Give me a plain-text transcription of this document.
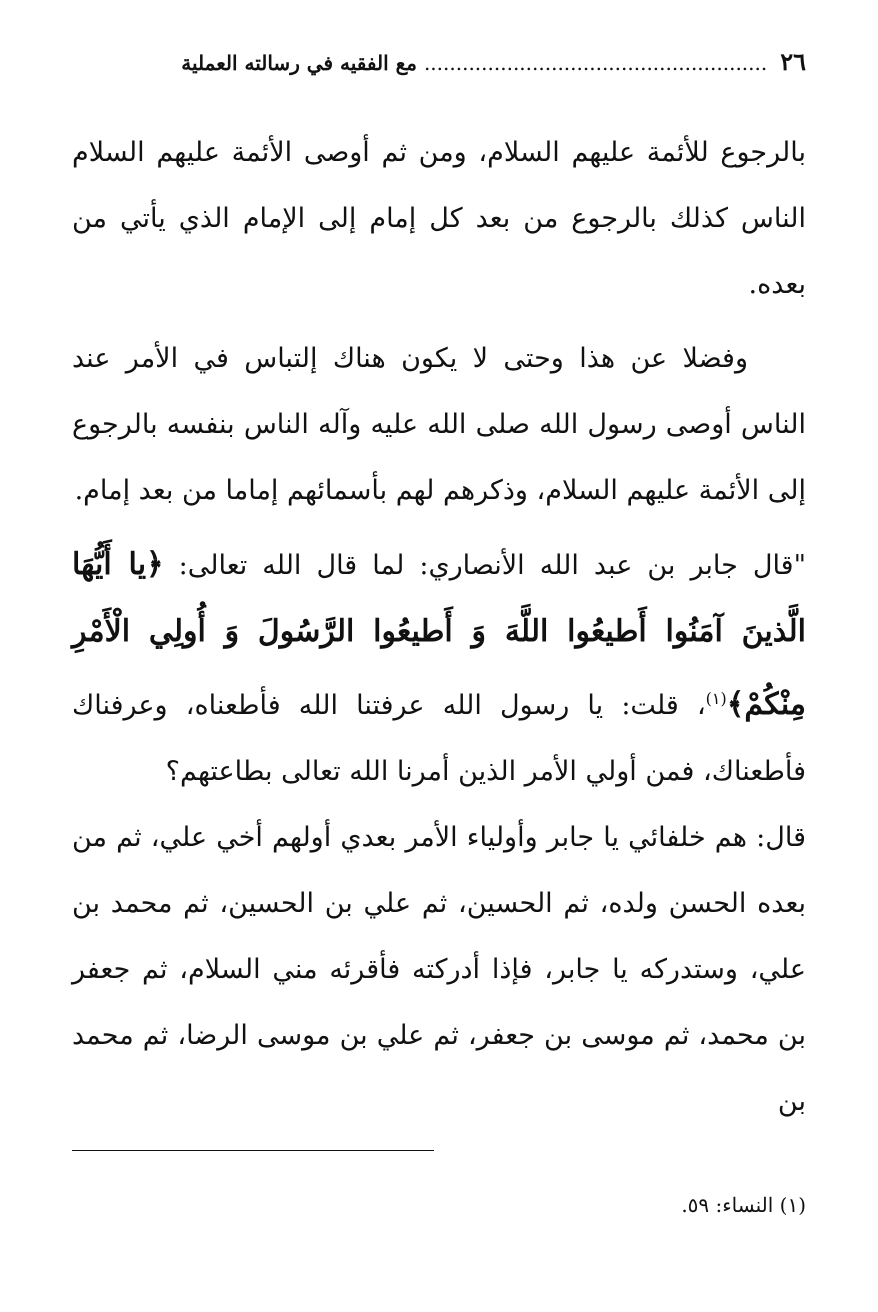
٢٦ ...................................................... مع الفقيه في رسالته العملية

بالرجوع للأئمة عليهم السلام، ومن ثم أوصى الأئمة عليهم السلام الناس كذلك بالرجوع من بعد كل إمام إلى الإمام الذي يأتي من بعده.

وفضلا عن هذا وحتى لا يكون هناك إلتباس في الأمر عند الناس أوصى رسول الله صلى الله عليه وآله الناس بنفسه بالرجوع إلى الأئمة عليهم السلام، وذكرهم لهم بأسمائهم إماما من بعد إمام.

"قال جابر بن عبد الله الأنصاري: لما قال الله تعالى: ﴿يا أَيُّهَا الَّذينَ آمَنُوا أَطيعُوا اللَّهَ وَ أَطيعُوا الرَّسُولَ وَ أُولِي الْأَمْرِ مِنْكُمْ﴾$^{(١)}$، قلت: يا رسول الله عرفتنا الله فأطعناه، وعرفناك فأطعناك، فمن أولي الأمر الذين أمرنا الله تعالى بطاعتهم؟

قال: هم خلفائي يا جابر وأولياء الأمر بعدي أولهم أخي علي، ثم من بعده الحسن ولده، ثم الحسين، ثم علي بن الحسين، ثم محمد بن علي، وستدركه يا جابر، فإذا أدركته فأقرئه مني السلام، ثم جعفر بن محمد، ثم موسى بن جعفر، ثم علي بن موسى الرضا، ثم محمد بن

(١) النساء: ٥٩.
